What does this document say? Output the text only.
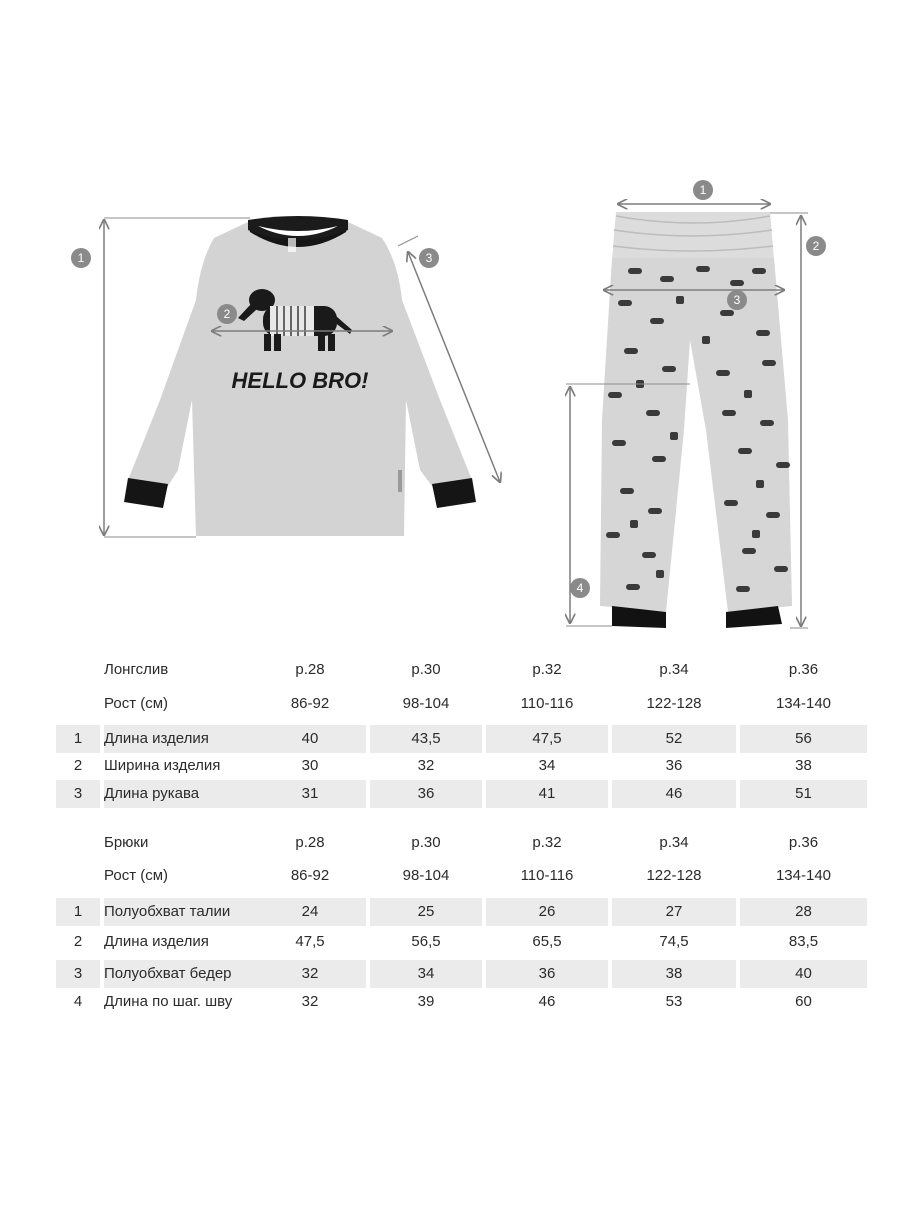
HELLO BRO!
1
2
3
1
2
3
4
Лонгслив	р.28	р.30	р.32	р.34	р.36
Рост (см)	86-92	98-104	110-116	122-128	134-140
1	Длина изделия	40	43,5	47,5	52	56
2	Ширина изделия	30	32	34	36	38
3	Длина рукава	31	36	41	46	51
Брюки	р.28	р.30	р.32	р.34	р.36
Рост (см)	86-92	98-104	110-116	122-128	134-140
1	Полуобхват талии	24	25	26	27	28
2	Длина изделия	47,5	56,5	65,5	74,5	83,5
3	Полуобхват бедер	32	34	36	38	40
4	Длина по шаг. шву	32	39	46	53	60
